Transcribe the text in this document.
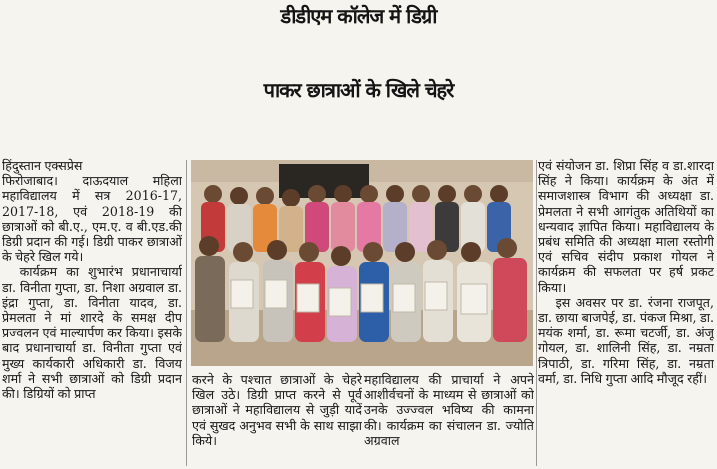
डीडीएम कॉलेज में डिग्री
पाकर छात्राओं के खिले चेहरे

हिंदुस्तान एक्सप्रेस

फिरोजाबाद। दाऊदयाल महिला महाविद्यालय में सत्र 2016-17, 2017-18, एवं 2018-19 की छात्राओं को बी.ए., एम.ए. व बी.एड.की डिग्री प्रदान की गई। डिग्री पाकर छात्राओं के चेहरे खिल गये।

कार्यक्रम का शुभारंभ प्रधानाचार्या डा. विनीता गुप्ता, डा. निशा अग्रवाल डा. इंद्रा गुप्ता, डा. विनीता यादव, डा. प्रेमलता ने मां शारदे के समक्ष दीप प्रज्वलन एवं माल्यार्पण कर किया। इसके बाद प्रधानाचार्या डा. विनीता गुप्ता एवं मुख्य कार्यकारी अधिकारी डा. विजय शर्मा ने सभी छात्राओं को डिग्री प्रदान की। डिग्रियों को प्राप्त

करने के पश्चात छात्राओं के चेहरे खिल उठे। डिग्री प्राप्त करने से पूर्व छात्राओं ने महाविद्यालय से जुड़ी यादें एवं सुखद अनुभव सभी के साथ साझा किये।

महाविद्यालय की प्राचार्या ने अपने आशीर्वचनों के माध्यम से छात्राओं को उनके उज्ज्वल भविष्य की कामना की। कार्यक्रम का संचालन डा. ज्योति अग्रवाल

एवं संयोजन डा. शिप्रा सिंह व डा.शारदा सिंह ने किया। कार्यक्रम के अंत में समाजशास्त्र विभाग की अध्यक्षा डा. प्रेमलता ने सभी आगंतुक अतिथियों का धन्यवाद ज्ञापित किया। महाविद्यालय के प्रबंध समिति की अध्यक्षा माला रस्तोगी एवं सचिव संदीप प्रकाश गोयल ने कार्यक्रम की सफलता पर हर्ष प्रकट किया।

इस अवसर पर डा. रंजना राजपूत, डा. छाया बाजपेई, डा. पंकज मिश्रा, डा. मयंक शर्मा, डा. रूमा चटर्जी, डा. अंजू गोयल, डा. शालिनी सिंह, डा. नम्रता त्रिपाठी, डा. गरिमा सिंह, डा. नम्रता वर्मा, डा. निधि गुप्ता आदि मौजूद रहीं।
